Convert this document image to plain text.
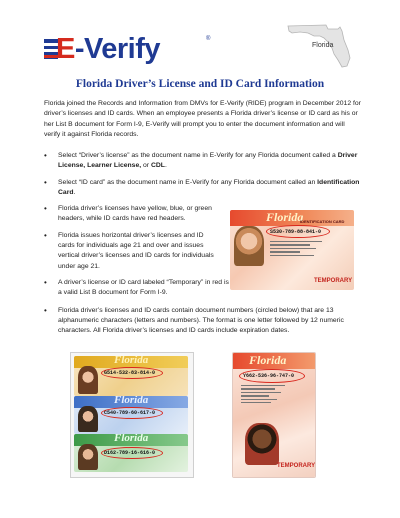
E-Verify	®
Florida
Florida Driver’s License and ID Card Information

Florida joined the Records and Information from DMVs for E-Verify (RIDE) program in December 2012 for driver’s licenses and ID cards. When an employee presents a Florida driver’s license or ID card as his or her List B document for Form I-9, E-Verify will prompt you to enter the document information and will verify it against Florida records.

•	Select “Driver’s license” as the document name in E-Verify for any Florida document called a Driver License, Learner License, or CDL.
•	Select “ID card” as the document name in E-Verify for any Florida document called an Identification Card.
•	Florida driver’s licenses have yellow, blue, or green headers, while ID cards have red headers.
•	Florida issues horizontal driver’s licenses and ID cards for individuals age 21 and over and issues vertical driver’s licenses and ID cards for individuals under age 21.
•	A driver’s license or ID card labeled “Temporary” in red is a valid List B document for Form I-9.
•	Florida driver’s licenses and ID cards contain document numbers (circled below) that are 13 alphanumeric characters (letters and numbers). The format is one letter followed by 12 numeric characters. All Florida driver’s licenses and ID cards include expiration dates.
Florida
IDENTIFICATION CARD
S530-789-88-841-0
TEMPORARY
Florida
G514-532-83-814-0
Florida
C540-789-60-617-0
Florida
D162-789-16-616-0
Florida
Y662-536-96-747-0
TEMPORARY
